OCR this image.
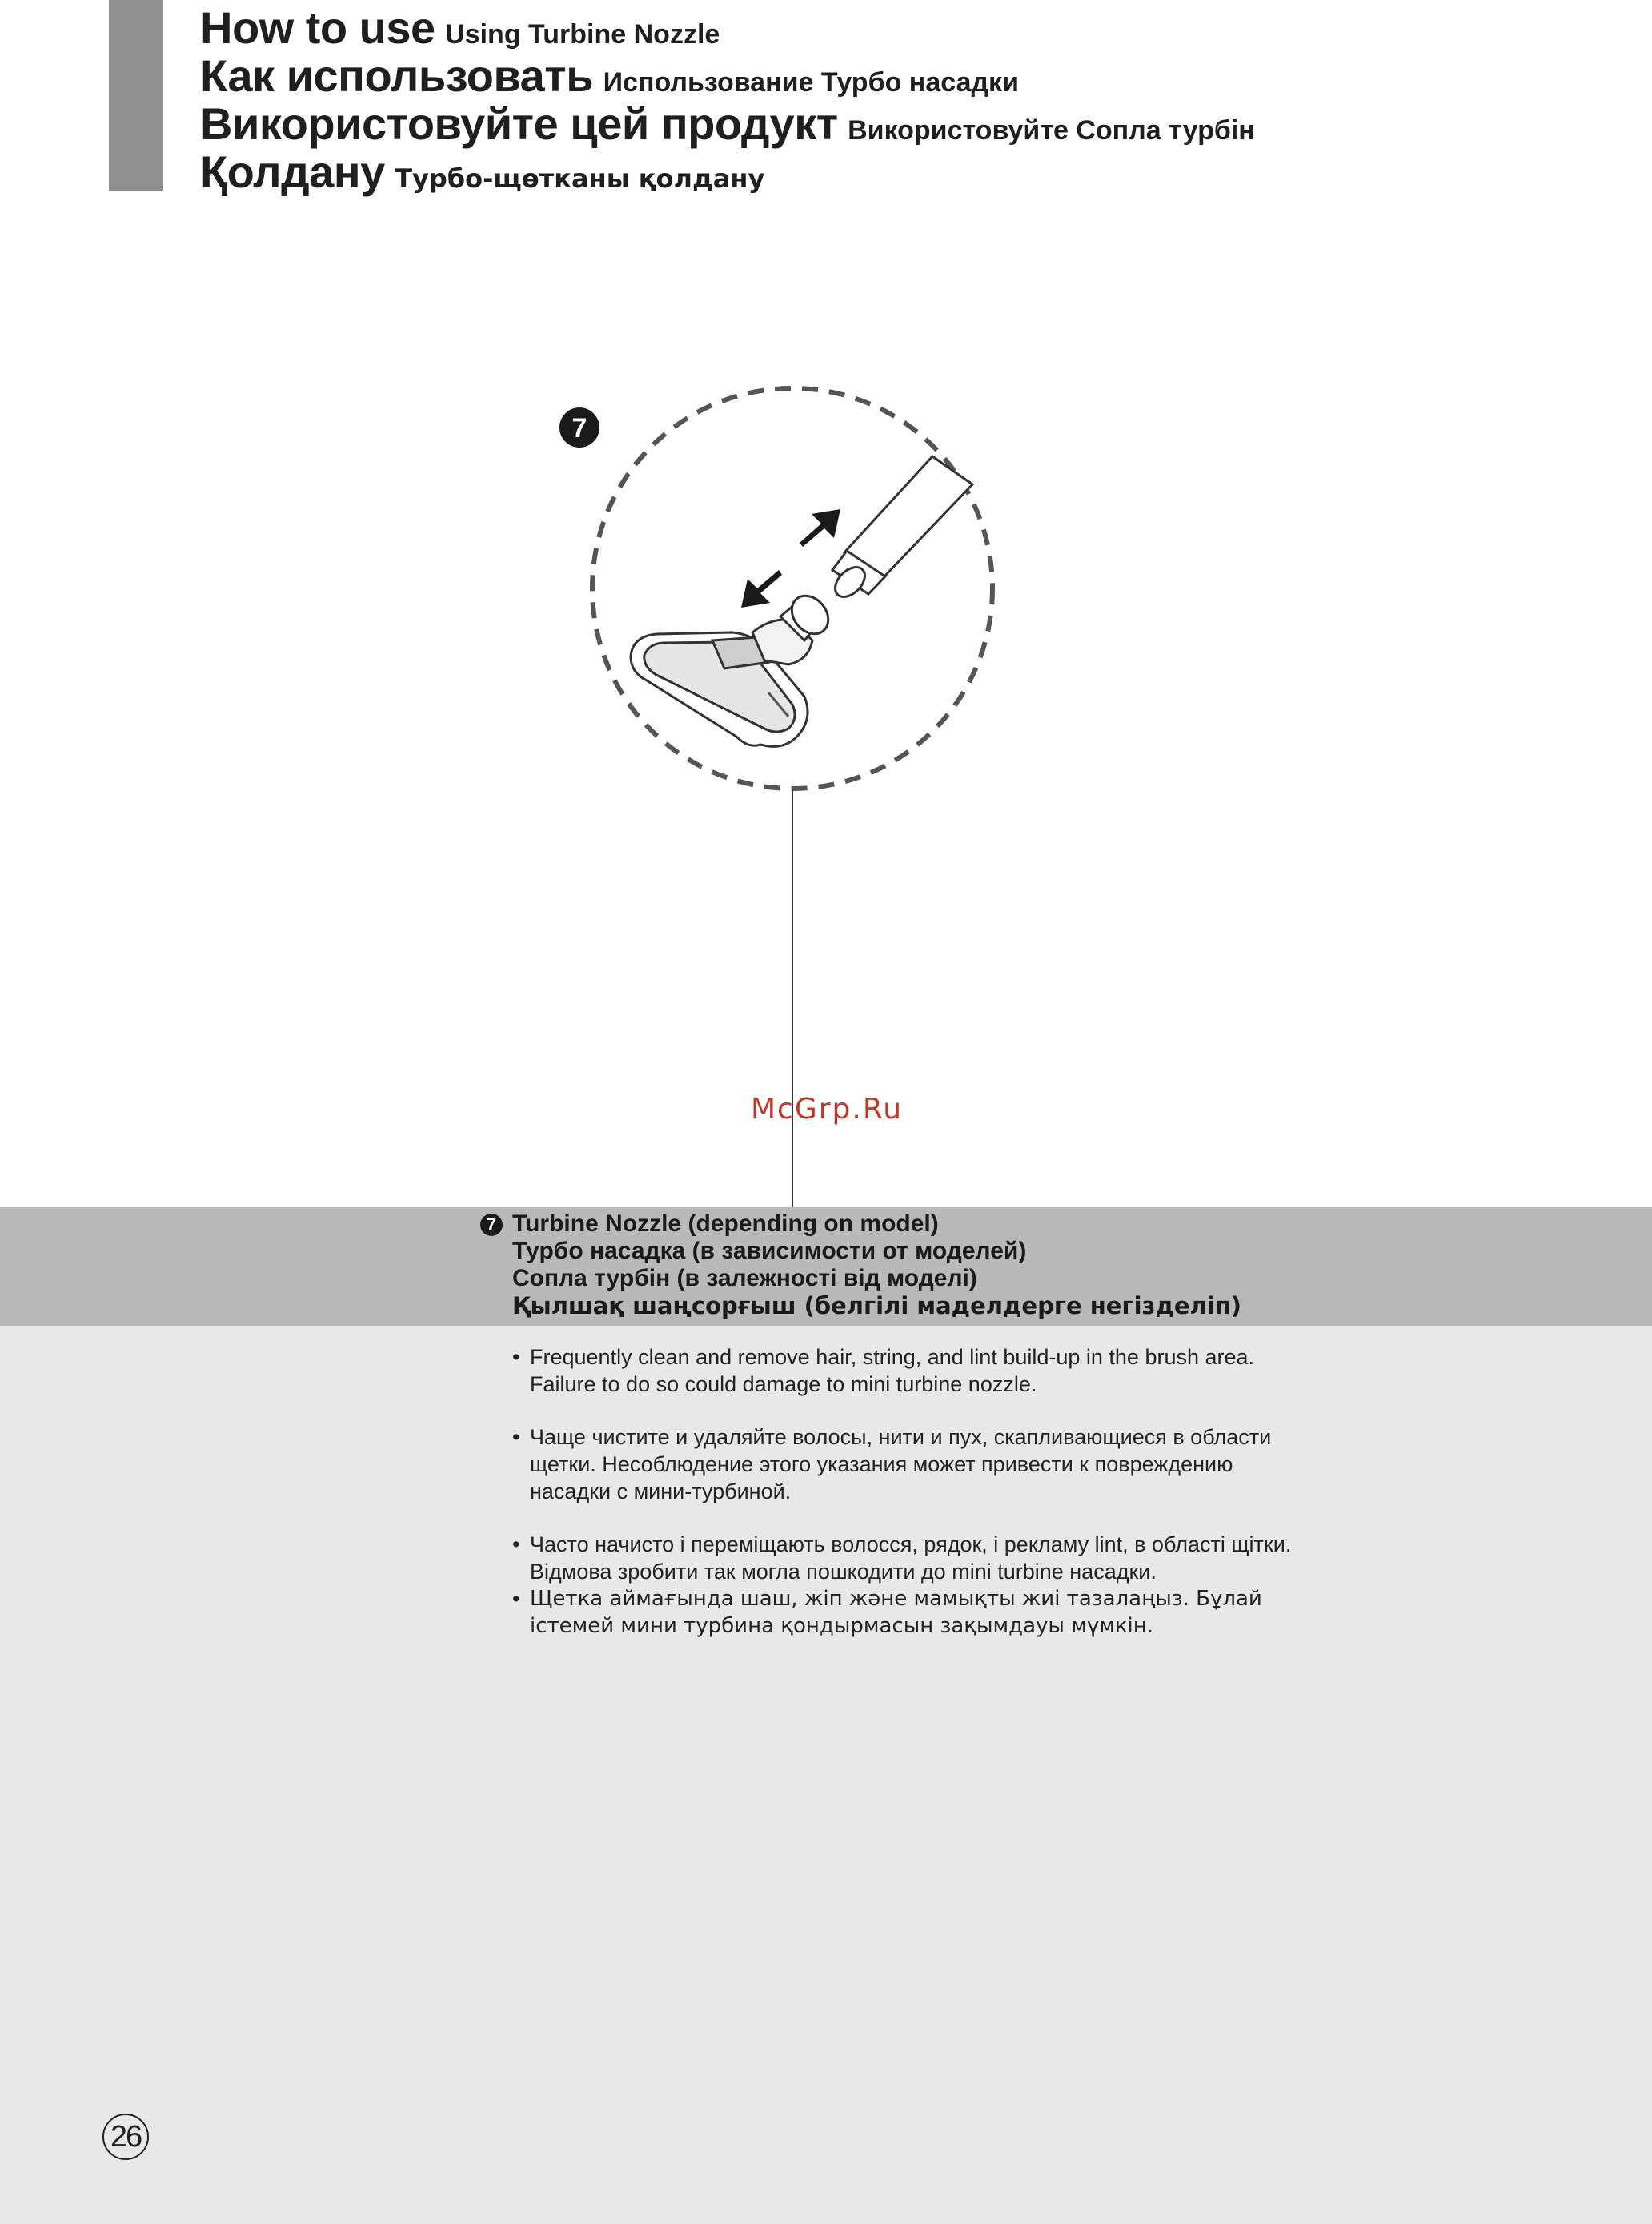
How to use Using Turbine Nozzle
Как использовать Использование Турбо насадки
Використовуйте цей продукт Використовуйте Сопла турбін
Қолдану Турбо-щөтканы қолдану
7
McGrp.Ru
7 Turbine Nozzle (depending on model)
Турбо насадка (в зависимости от моделей)
Сопла турбін (в залежності від моделі)
Қылшақ шаңсорғыш (белгілі маделдерге негізделіп)
• Frequently clean and remove hair, string, and lint build-up in the brush area.
Failure to do so could damage to mini turbine nozzle.
• Чаще чистите и удаляйте волосы, нити и пух, скапливающиеся в области
щетки. Несоблюдение этого указания может привести к повреждению
насадки с мини-турбиной.
• Часто начисто і переміщають волосся, рядок, і рекламу lint, в області щітки.
Відмова зробити так могла пошкодити до mini turbine насадки.
• Щетка аймағында шаш, жіп және мамықты жиі тазалаңыз. Бұлай
істемей мини турбина қондырмасын зақымдауы мүмкін.
26
